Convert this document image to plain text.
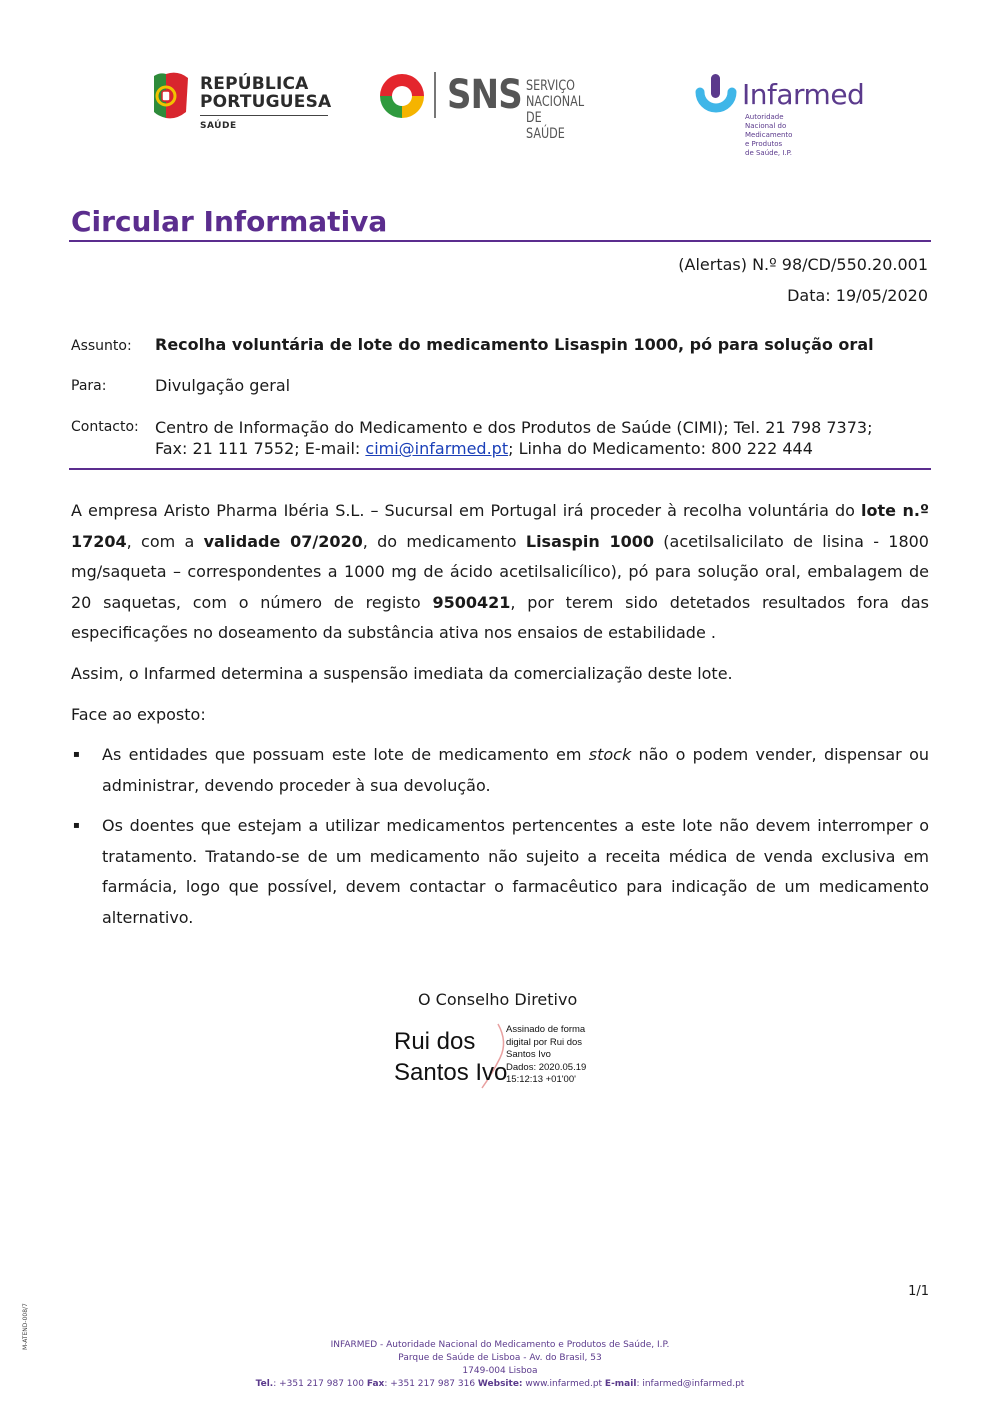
REPÚBLICA
PORTUGUESA
SAÚDE
SNS SERVIÇO NACIONAL
DE SAÚDE
Infarmed
Autoridade Nacional do Medicamento
e Produtos de Saúde, I.P.
Circular Informativa
(Alertas) N.º 98/CD/550.20.001
Data: 19/05/2020
Assunto: Recolha voluntária de lote do medicamento Lisaspin 1000, pó para solução oral
Para:	Divulgação geral
Contacto: Centro de Informação do Medicamento e dos Produtos de Saúde (CIMI); Tel. 21 798 7373;
Fax: 21 111 7552; E-mail: cimi@infarmed.pt; Linha do Medicamento: 800 222 444
A empresa Aristo Pharma Ibéria S.L. – Sucursal em Portugal irá proceder à recolha voluntária do lote n.º 17204, com a validade 07/2020, do medicamento Lisaspin 1000 (acetilsalicilato de lisina - 1800 mg/saqueta – correspondentes a 1000 mg de ácido acetilsalicílico), pó para solução oral, embalagem de 20 saquetas, com o número de registo 9500421, por terem sido detetados resultados fora das especificações no doseamento da substância ativa nos ensaios de estabilidade .
Assim, o Infarmed determina a suspensão imediata da comercialização deste lote.
Face ao exposto:
▪ As entidades que possuam este lote de medicamento em stock não o podem vender, dispensar ou administrar, devendo proceder à sua devolução.
▪ Os doentes que estejam a utilizar medicamentos pertencentes a este lote não devem interromper o tratamento. Tratando-se de um medicamento não sujeito a receita médica de venda exclusiva em farmácia, logo que possível, devem contactar o farmacêutico para indicação de um medicamento alternativo.
O Conselho Diretivo
Rui dos
Santos Ivo
Assinado de forma
digital por Rui dos
Santos Ivo
Dados: 2020.05.19
15:12:13 +01'00'
1/1
M-ATEND-008/7	INFARMED - Autoridade Nacional do Medicamento e Produtos de Saúde, I.P.
Parque de Saúde de Lisboa - Av. do Brasil, 53
1749-004 Lisboa
Tel.: +351 217 987 100 Fax: +351 217 987 316 Website: www.infarmed.pt E-mail: infarmed@infarmed.pt
